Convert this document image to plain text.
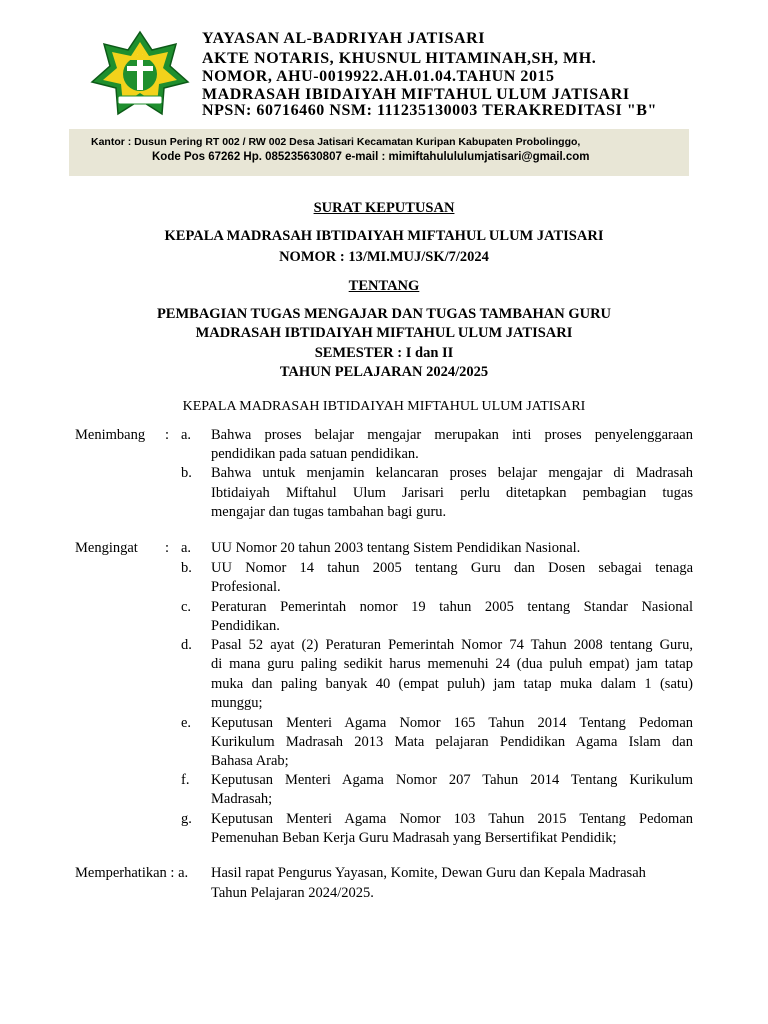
YAYASAN AL-BADRIYAH JATISARI
AKTE NOTARIS, KHUSNUL HITAMINAH,SH, MH.
NOMOR, AHU-0019922.AH.01.04.TAHUN 2015
MADRASAH IBIDAIYAH MIFTAHUL ULUM JATISARI
NPSN: 60716460 NSM: 111235130003 TERAKREDITASI "B"
Kantor : Dusun Pering RT 002 / RW 002 Desa Jatisari Kecamatan Kuripan Kabupaten Probolinggo,
Kode Pos 67262 Hp. 085235630807 e-mail : mimiftahulululumjatisari@gmail.com
SURAT KEPUTUSAN
KEPALA MADRASAH IBTIDAIYAH MIFTAHUL ULUM JATISARI
NOMOR : 13/MI.MUJ/SK/7/2024
TENTANG
PEMBAGIAN TUGAS MENGAJAR DAN TUGAS TAMBAHAN GURU
MADRASAH IBTIDAIYAH MIFTAHUL ULUM JATISARI
SEMESTER : I dan II
TAHUN PELAJARAN 2024/2025
KEPALA MADRASAH IBTIDAIYAH MIFTAHUL ULUM JATISARI
Menimbang : a. Bahwa proses belajar mengajar merupakan inti proses penyelenggaraan
pendidikan pada satuan pendidikan.
b. Bahwa untuk menjamin kelancaran proses belajar mengajar di Madrasah
Ibtidaiyah Miftahul Ulum Jarisari perlu ditetapkan pembagian tugas
mengajar dan tugas tambahan bagi guru.
Mengingat : a. UU Nomor 20 tahun 2003 tentang Sistem Pendidikan Nasional.
b. UU Nomor 14 tahun 2005 tentang Guru dan Dosen sebagai tenaga
Profesional.
c. Peraturan Pemerintah nomor 19 tahun 2005 tentang Standar Nasional
Pendidikan.
d. Pasal 52 ayat (2) Peraturan Pemerintah Nomor 74 Tahun 2008 tentang Guru,
di mana guru paling sedikit harus memenuhi 24 (dua puluh empat) jam tatap
muka dan paling banyak 40 (empat puluh) jam tatap muka dalam 1 (satu)
munggu;
e. Keputusan Menteri Agama Nomor 165 Tahun 2014 Tentang Pedoman
Kurikulum Madrasah 2013 Mata pelajaran Pendidikan Agama Islam dan
Bahasa Arab;
f. Keputusan Menteri Agama Nomor 207 Tahun 2014 Tentang Kurikulum
Madrasah;
g. Keputusan Menteri Agama Nomor 103 Tahun 2015 Tentang Pedoman
Pemenuhan Beban Kerja Guru Madrasah yang Bersertifikat Pendidik;
Memperhatikan : a. Hasil rapat Pengurus Yayasan, Komite, Dewan Guru dan Kepala Madrasah
Tahun Pelajaran 2024/2025.
